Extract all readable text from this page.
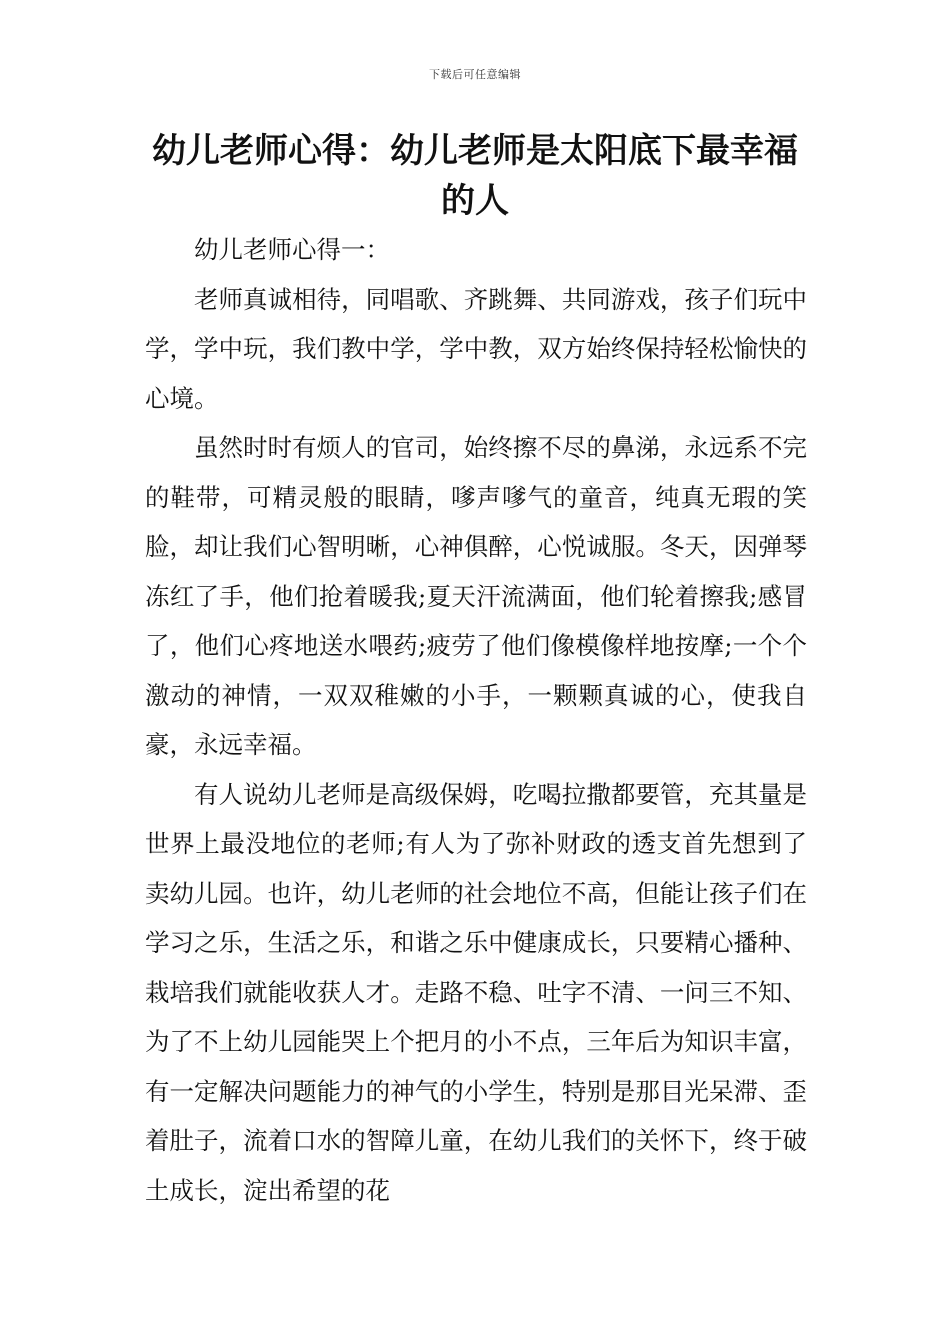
下载后可任意编辑
幼儿老师心得：幼儿老师是太阳底下最幸福的人

幼儿老师心得一：

老师真诚相待，同唱歌、齐跳舞、共同游戏，孩子们玩中学，学中玩，我们教中学，学中教，双方始终保持轻松愉快的心境。

虽然时时有烦人的官司，始终擦不尽的鼻涕，永远系不完的鞋带，可精灵般的眼睛，嗲声嗲气的童音，纯真无瑕的笑脸，却让我们心智明晰，心神俱醉，心悦诚服。冬天，因弹琴冻红了手，他们抢着暖我;夏天汗流满面，他们轮着擦我;感冒了，他们心疼地送水喂药;疲劳了他们像模像样地按摩;一个个激动的神情，一双双稚嫩的小手，一颗颗真诚的心，使我自豪，永远幸福。

有人说幼儿老师是高级保姆，吃喝拉撒都要管，充其量是世界上最没地位的老师;有人为了弥补财政的透支首先想到了卖幼儿园。也许，幼儿老师的社会地位不高，但能让孩子们在学习之乐，生活之乐，和谐之乐中健康成长，只要精心播种、栽培我们就能收获人才。走路不稳、吐字不清、一问三不知、为了不上幼儿园能哭上个把月的小不点，三年后为知识丰富，有一定解决问题能力的神气的小学生，特别是那目光呆滞、歪着肚子，流着口水的智障儿童，在幼儿我们的关怀下，终于破土成长，淀出希望的花
